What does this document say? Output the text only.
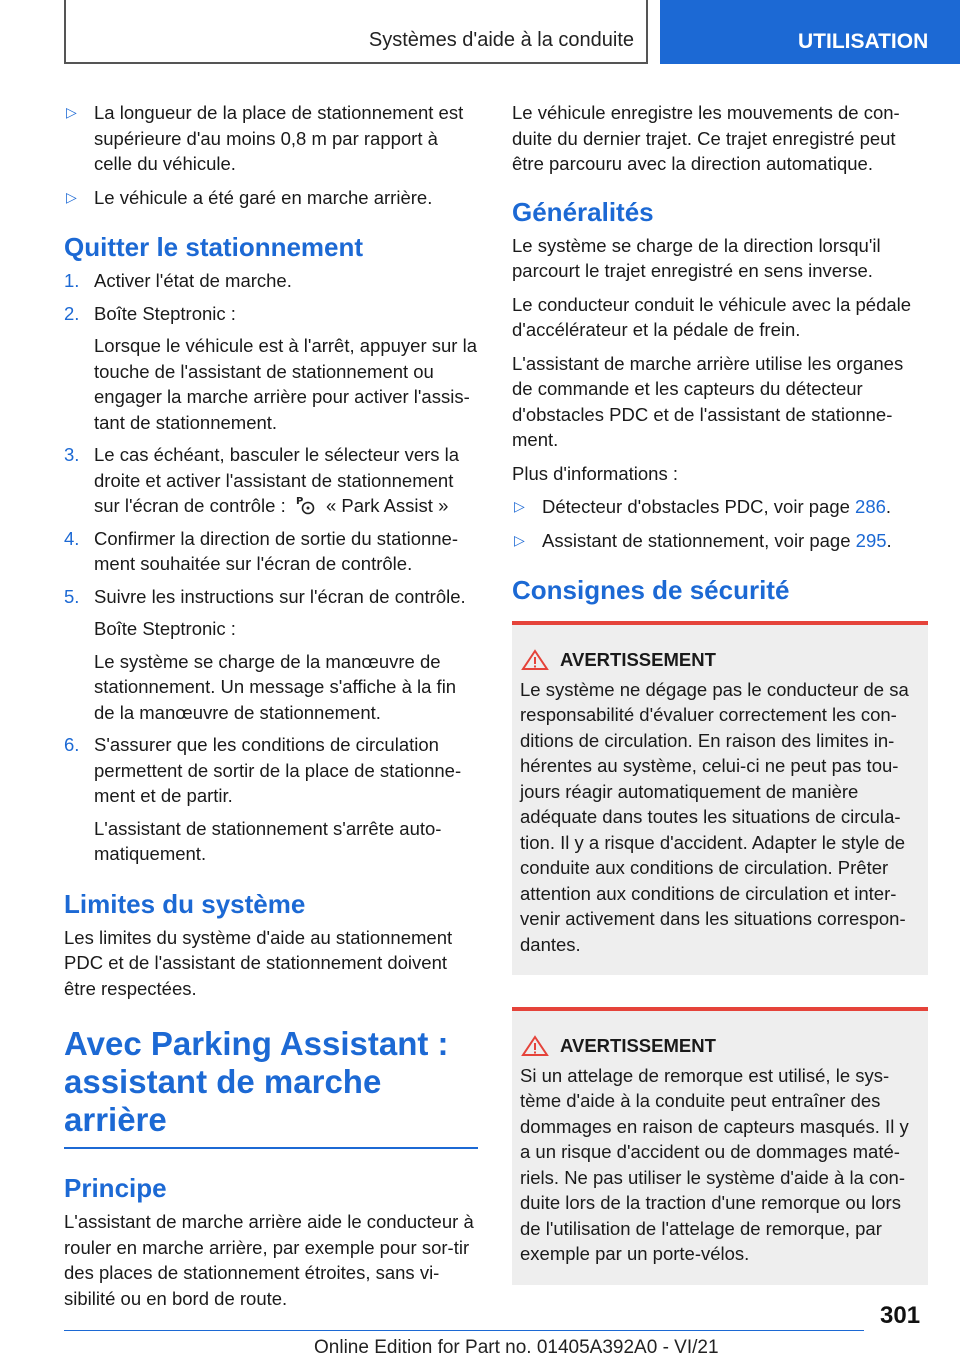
Systèmes d'aide à la conduite	UTILISATION
▷ La longueur de la place de stationnement est supérieure d'au moins 0,8 m par rapport à celle du véhicule.
▷ Le véhicule a été garé en marche arrière.
Quitter le stationnement
1. Activer l'état de marche.
2. Boîte Steptronic :
Lorsque le véhicule est à l'arrêt, appuyer sur la touche de l'assistant de stationnement ou engager la marche arrière pour activer l'assis-tant de stationnement.
3. Le cas échéant, basculer le sélecteur vers la droite et activer l'assistant de stationnement sur l'écran de contrôle : P « Park Assist »
4. Confirmer la direction de sortie du stationne-ment souhaitée sur l'écran de contrôle.
5. Suivre les instructions sur l'écran de contrôle.
Boîte Steptronic :
Le système se charge de la manœuvre de stationnement. Un message s'affiche à la fin de la manœuvre de stationnement.
6. S'assurer que les conditions de circulation permettent de sortir de la place de stationne-ment et de partir.
L'assistant de stationnement s'arrête auto-matiquement.
Limites du système

Les limites du système d'aide au stationnement PDC et de l'assistant de stationnement doivent être respectées.

Avec Parking Assistant :
assistant de marche arrière
Principe

L'assistant de marche arrière aide le conducteur à rouler en marche arrière, par exemple pour sor-tir des places de stationnement étroites, sans vi-sibilité ou en bord de route.

Le véhicule enregistre les mouvements de con-duite du dernier trajet. Ce trajet enregistré peut être parcouru avec la direction automatique.

Généralités

Le système se charge de la direction lorsqu'il parcourt le trajet enregistré en sens inverse.

Le conducteur conduit le véhicule avec la pédale d'accélérateur et la pédale de frein.

L'assistant de marche arrière utilise les organes de commande et les capteurs du détecteur d'obstacles PDC et de l'assistant de stationne-ment.

Plus d'informations :

▷ Détecteur d'obstacles PDC, voir page 286.
▷ Assistant de stationnement, voir page 295.
Consignes de sécurité
AVERTISSEMENT
Le système ne dégage pas le conducteur de sa responsabilité d'évaluer correctement les con-ditions de circulation. En raison des limites in-hérentes au système, celui-ci ne peut pas tou-jours réagir automatiquement de manière adéquate dans toutes les situations de circula-tion. Il y a risque d'accident. Adapter le style de conduite aux conditions de circulation. Prêter attention aux conditions de circulation et inter-venir activement dans les situations correspon-dantes.
AVERTISSEMENT
Si un attelage de remorque est utilisé, le sys-tème d'aide à la conduite peut entraîner des dommages en raison de capteurs masqués. Il y a un risque d'accident ou de dommages maté-riels. Ne pas utiliser le système d'aide à la con-duite lors de la traction d'une remorque ou lors de l'utilisation de l'attelage de remorque, par exemple par un porte-vélos.
301
Online Edition for Part no. 01405A392A0 - VI/21
